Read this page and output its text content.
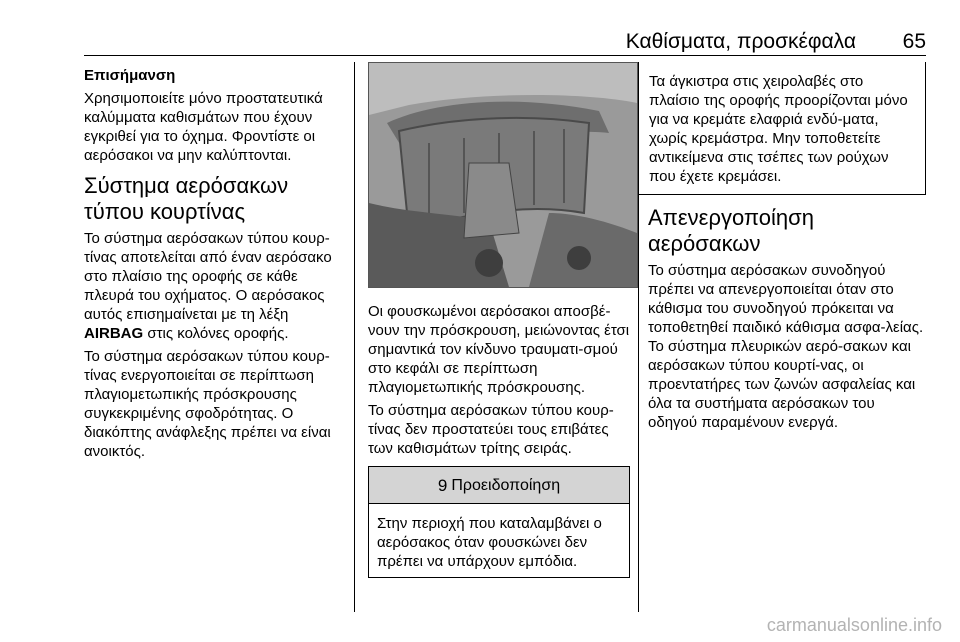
Καθίσματα, προσκέφαλα 65

Επισήμανση

Χρησιμοποιείτε μόνο προστατευτικά καλύμματα καθισμάτων που έχουν εγκριθεί για το όχημα. Φροντίστε οι αερόσακοι να μην καλύπτονται.

Σύστημα αερόσακων τύπου κουρτίνας

Το σύστημα αερόσακων τύπου κουρ-τίνας αποτελείται από έναν αερόσακο στο πλαίσιο της οροφής σε κάθε πλευρά του οχήματος. Ο αερόσακος αυτός επισημαίνεται με τη λέξη AIRBAG στις κολόνες οροφής.

Το σύστημα αερόσακων τύπου κουρ-τίνας ενεργοποιείται σε περίπτωση πλαγιομετωπικής πρόσκρουσης συγκεκριμένης σφοδρότητας. Ο διακόπτης ανάφλεξης πρέπει να είναι ανοικτός.

Οι φουσκωμένοι αερόσακοι αποσβέ-νουν την πρόσκρουση, μειώνοντας έτσι σημαντικά τον κίνδυνο τραυματι-σμού στο κεφάλι σε περίπτωση πλαγιομετωπικής πρόσκρουσης.

Το σύστημα αερόσακων τύπου κουρ-τίνας δεν προστατεύει τους επιβάτες των καθισμάτων τρίτης σειράς.

9 Προειδοποίηση
Στην περιοχή που καταλαμβάνει ο αερόσακος όταν φουσκώνει δεν πρέπει να υπάρχουν εμπόδια.
Τα άγκιστρα στις χειρολαβές στο πλαίσιο της οροφής προορίζονται μόνο για να κρεμάτε ελαφριά ενδύ-ματα, χωρίς κρεμάστρα. Μην τοποθετείτε αντικείμενα στις τσέπες των ρούχων που έχετε κρεμάσει.
Απενεργοποίηση αερόσακων

Το σύστημα αερόσακων συνοδηγού πρέπει να απενεργοποιείται όταν στο κάθισμα του συνοδηγού πρόκειται να τοποθετηθεί παιδικό κάθισμα ασφα-λείας. Το σύστημα πλευρικών αερό-σακων και αερόσακων τύπου κουρτί-νας, οι προεντατήρες των ζωνών ασφαλείας και όλα τα συστήματα αερόσακων του οδηγού παραμένουν ενεργά.

carmanualsonline.info
